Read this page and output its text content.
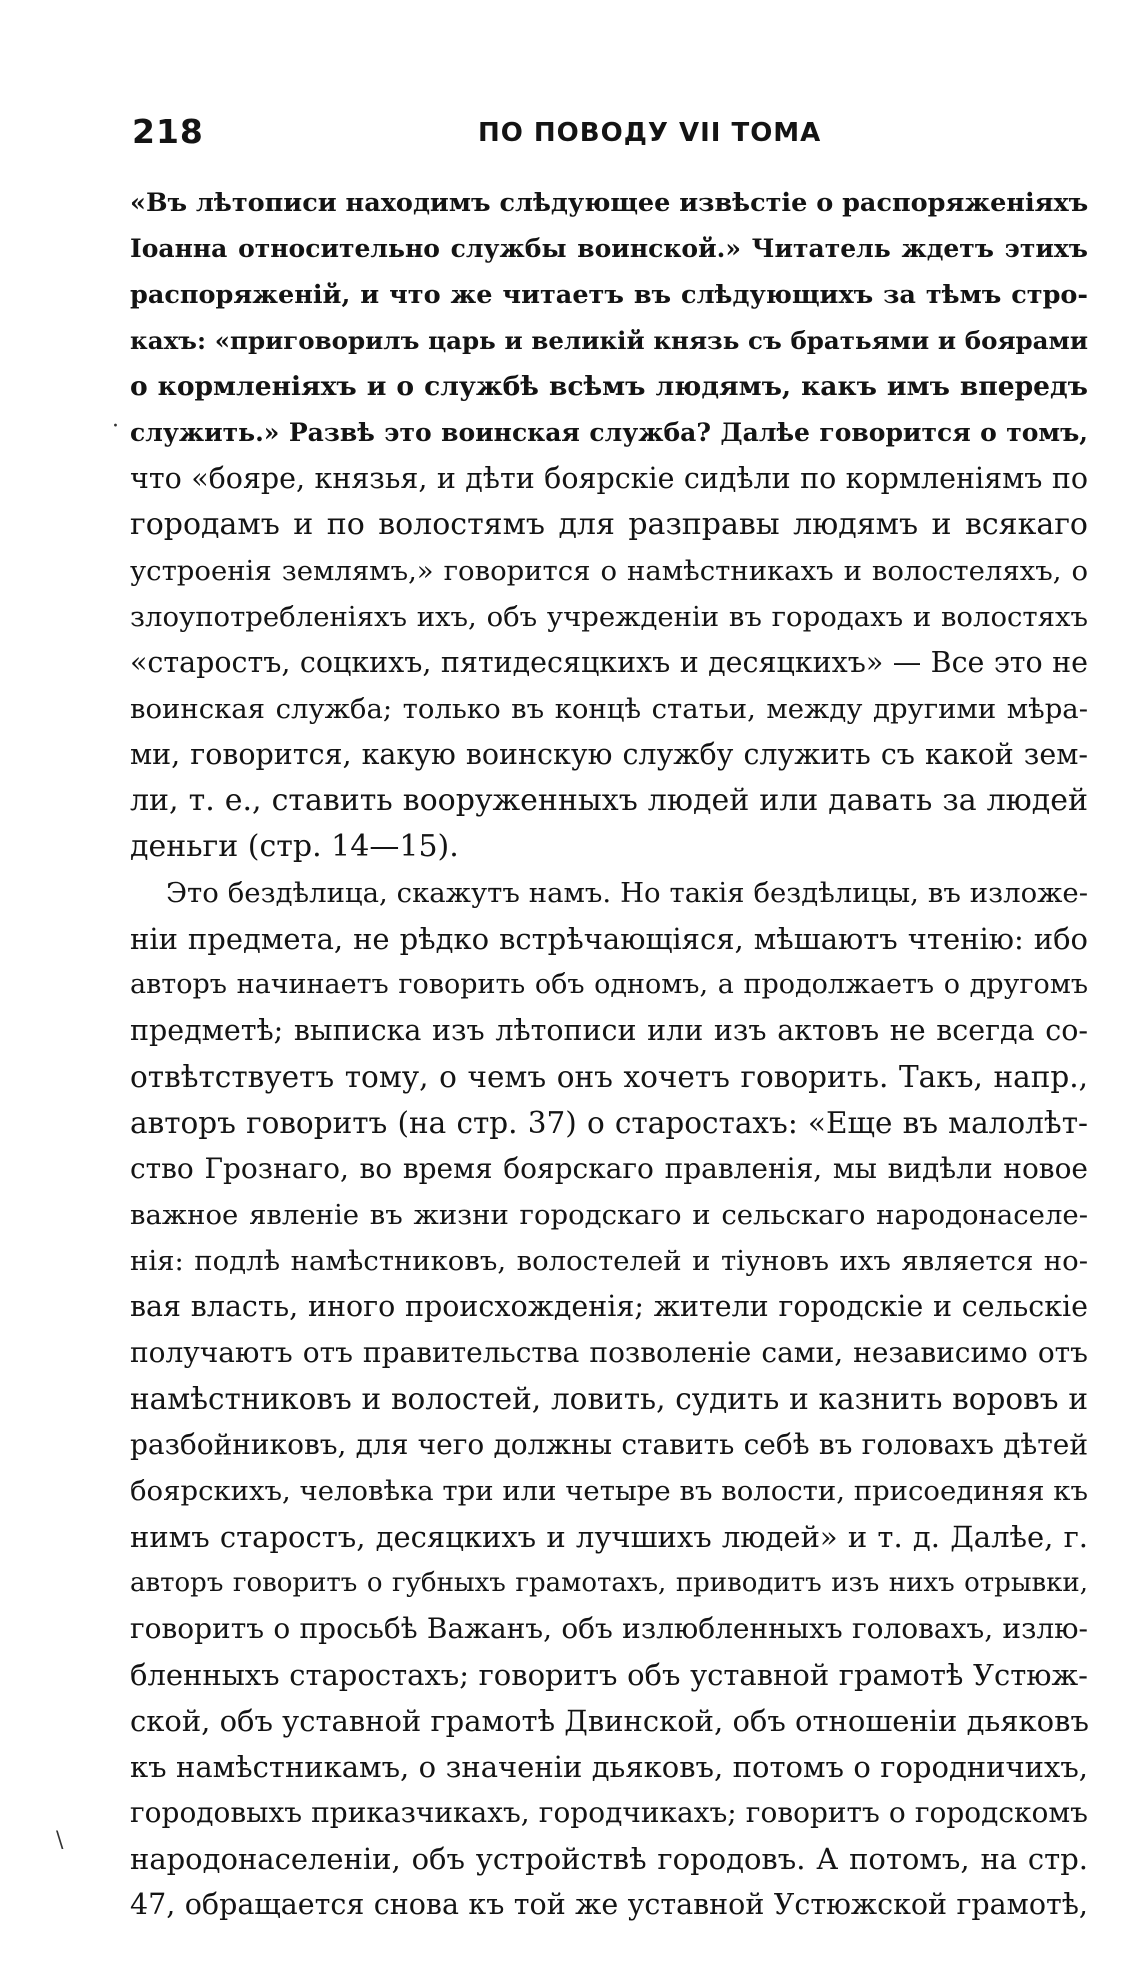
218	ПО ПОВОДУ VII ТОМА
«Въ лѣтописи находимъ слѣдующее извѣстіе о распоряженіяхъ
Іоанна относительно службы воинской.» Читатель ждетъ этихъ
распоряженій, и что же читаетъ въ слѣдующихъ за тѣмъ стро-
кахъ: «приговорилъ царь и великій князь съ братьями и боярами
о кормленіяхъ и о службѣ всѣмъ людямъ, какъ имъ впередъ
служить.» Развѣ это воинская служба? Далѣе говорится о томъ,
что «бояре, князья, и дѣти боярскіе сидѣли по кормленіямъ по
городамъ и по волостямъ для разправы людямъ и всякаго
устроенія землямъ,» говорится о намѣстникахъ и волостеляхъ, о
злоупотребленіяхъ ихъ, объ учрежденіи въ городахъ и волостяхъ
«старостъ, соцкихъ, пятидесяцкихъ и десяцкихъ» — Все это не
воинская служба; только въ концѣ статьи, между другими мѣра-
ми, говорится, какую воинскую службу служить съ какой зем-
ли, т. е., ставить вооруженныхъ людей или давать за людей
деньги (стр. 14—15).
Это бездѣлица, скажутъ намъ. Но такія бездѣлицы, въ изложе-
ніи предмета, не рѣдко встрѣчающіяся, мѣшаютъ чтенію: ибо
авторъ начинаетъ говорить объ одномъ, а продолжаетъ о другомъ
предметѣ; выписка изъ лѣтописи или изъ актовъ не всегда со-
отвѣтствуетъ тому, о чемъ онъ хочетъ говорить. Такъ, напр.,
авторъ говоритъ (на стр. 37) о старостахъ: «Еще въ малолѣт-
ство Грознаго, во время боярскаго правленія, мы видѣли новое
важное явленіе въ жизни городскаго и сельскаго народонаселе-
нія: подлѣ намѣстниковъ, волостелей и тіуновъ ихъ является но-
вая власть, иного происхожденія; жители городскіе и сельскіе
получаютъ отъ правительства позволеніе сами, независимо отъ
намѣстниковъ и волостей, ловить, судить и казнить воровъ и
разбойниковъ, для чего должны ставить себѣ въ головахъ дѣтей
боярскихъ, человѣка три или четыре въ волости, присоединяя къ
нимъ старостъ, десяцкихъ и лучшихъ людей» и т. д. Далѣе, г.
авторъ говоритъ о губныхъ грамотахъ, приводитъ изъ нихъ отрывки,
говоритъ о просьбѣ Важанъ, объ излюбленныхъ головахъ, излю-
бленныхъ старостахъ; говоритъ объ уставной грамотѣ Устюж-
ской, объ уставной грамотѣ Двинской, объ отношеніи дьяковъ
къ намѣстникамъ, о значеніи дьяковъ, потомъ о городничихъ,
городовыхъ приказчикахъ, городчикахъ; говоритъ о городскомъ
народонаселеніи, объ устройствѣ городовъ. А потомъ, на стр.
47, обращается снова къ той же уставной Устюжской грамотѣ,
·
\
